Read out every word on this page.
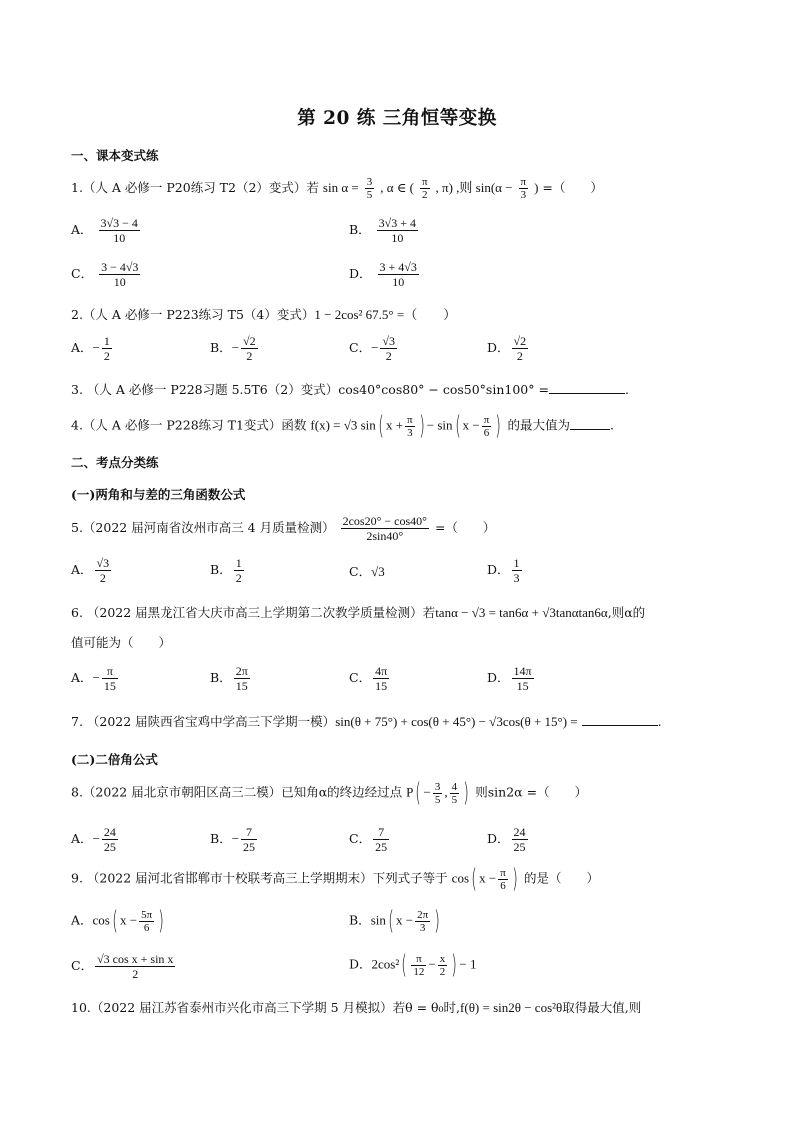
第 20 练 三角恒等变换
一、课本变式练
1.（人 A 必修一 P20练习 T2（2）变式）若 $\sin \alpha = \frac{3}{5}$ , α ∈ ( $\frac{\pi}{2}$ , π) ,则 $\sin(\alpha - \frac{\pi}{3}$ ) =（　　）
A． $\frac{3√3 - 4}{10}$	B． $\frac{3√3 + 4}{10}$
C． $\frac{3 - 4√3}{10}$	D． $\frac{3 + 4√3}{10}$
2.（人 A 必修一 P223练习 T5（4）变式）1 − 2cos² 67.5° =（　　）
A．− $\frac{1}{2}$	B．− $\frac{√2}{2}$	C．− $\frac{√3}{2}$	D． $\frac{√2}{2}$
3. （人 A 必修一 P228习题 5.5T6（2）变式）cos40°cos80° − cos50°sin100° =	.
4.（人 A 必修一 P228练习 T1变式）函数 f(x) = √3 sin( $x + \frac{\pi}{3}$ ) − sin( $x - \frac{\pi}{6}$ ) 的最大值为	.
二、考点分类练
(一)两角和与差的三角函数公式
5.（2022 届河南省汝州市高三 4 月质量检测） $\frac{2\cos 20^\circ - \cos 40^\circ}{2\sin 40^\circ}$ =（　　）
A． $\frac{√3}{2}$	B． $\frac{1}{2}$	C．√3	D． $\frac{1}{3}$
6. （2022 届黑龙江省大庆市高三上学期第二次教学质量检测）若tanα − √3 = tan6α + √3tanαtan6α,则α的
值可能为（　　）
A．− $\frac{\pi}{15}$	B． $\frac{2\pi}{15}$	C． $\frac{4\pi}{15}$	D． $\frac{14\pi}{15}$
7. （2022 届陕西省宝鸡中学高三下学期一模）sin(θ + 75°) + cos(θ + 45°) − √3cos(θ + 15°) =	.
(二)二倍角公式
8.（2022 届北京市朝阳区高三二模）已知角α的终边经过点 $P( - \frac{3}{5}$ , $\frac{4}{5}$ ) 则sin2α =（　　）
A．− $\frac{24}{25}$	B．− $\frac{7}{25}$	C． $\frac{7}{25}$	D． $\frac{24}{25}$
9. （2022 届河北省邯郸市十校联考高三上学期期末）下列式子等于 cos( $x - \frac{\pi}{6}$ ) 的是（　　）
A．cos( $x - \frac{5\pi}{6}$ )	B．sin( $x - \frac{2\pi}{3}$ )
C． $\frac{\text{√3 cos x + sin x}}{2}$	D．$2\cos^2( \frac{\pi}{12} - \frac{x}{2}$ ) − 1
10.（2022 届江苏省泰州市兴化市高三下学期 5 月模拟）若θ = θ₀时,f(θ) = sin2θ − cos²θ取得最大值,则
